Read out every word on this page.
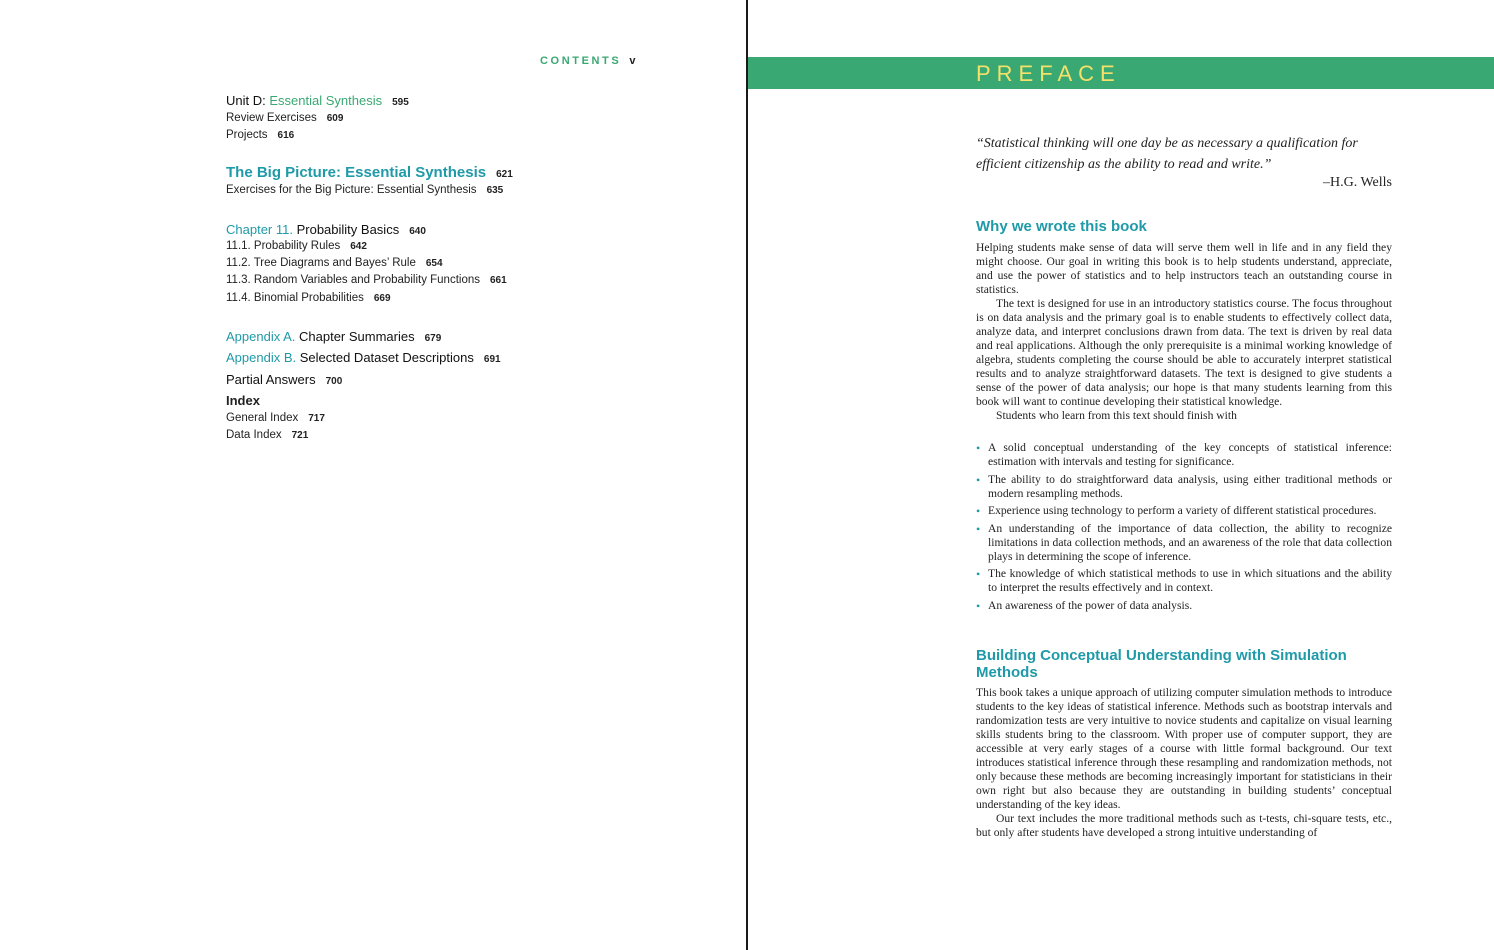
CONTENTS v
Unit D: Essential Synthesis 595
Review Exercises 609
Projects 616
The Big Picture: Essential Synthesis 621
Exercises for the Big Picture: Essential Synthesis 635
Chapter 11. Probability Basics 640
11.1. Probability Rules 642
11.2. Tree Diagrams and Bayes’ Rule 654
11.3. Random Variables and Probability Functions 661
11.4. Binomial Probabilities 669
Appendix A. Chapter Summaries 679
Appendix B. Selected Dataset Descriptions 691
Partial Answers 700
Index
General Index 717
Data Index 721
PREFACE
“Statistical thinking will one day be as necessary a qualification for efficient citizenship as the ability to read and write.”
–H.G. Wells
Why we wrote this book

Helping students make sense of data will serve them well in life and in any field they might choose. Our goal in writing this book is to help students understand, appreciate, and use the power of statistics and to help instructors teach an outstanding course in statistics.

The text is designed for use in an introductory statistics course. The focus throughout is on data analysis and the primary goal is to enable students to effectively collect data, analyze data, and interpret conclusions drawn from data. The text is driven by real data and real applications. Although the only prerequisite is a minimal working knowledge of algebra, students completing the course should be able to accurately interpret statistical results and to analyze straightforward datasets. The text is designed to give students a sense of the power of data analysis; our hope is that many students learning from this book will want to continue developing their statistical knowledge.

Students who learn from this text should finish with

• A solid conceptual understanding of the key concepts of statistical inference: estimation with intervals and testing for significance.
• The ability to do straightforward data analysis, using either traditional methods or modern resampling methods.
• Experience using technology to perform a variety of different statistical procedures.
• An understanding of the importance of data collection, the ability to recognize limitations in data collection methods, and an awareness of the role that data collection plays in determining the scope of inference.
• The knowledge of which statistical methods to use in which situations and the ability to interpret the results effectively and in context.
• An awareness of the power of data analysis.
Building Conceptual Understanding with Simulation Methods

This book takes a unique approach of utilizing computer simulation methods to introduce students to the key ideas of statistical inference. Methods such as bootstrap intervals and randomization tests are very intuitive to novice students and capitalize on visual learning skills students bring to the classroom. With proper use of computer support, they are accessible at very early stages of a course with little formal background. Our text introduces statistical inference through these resampling and randomization methods, not only because these methods are becoming increasingly important for statisticians in their own right but also because they are outstanding in building students’ conceptual understanding of the key ideas.

Our text includes the more traditional methods such as t-tests, chi-square tests, etc., but only after students have developed a strong intuitive understanding of
